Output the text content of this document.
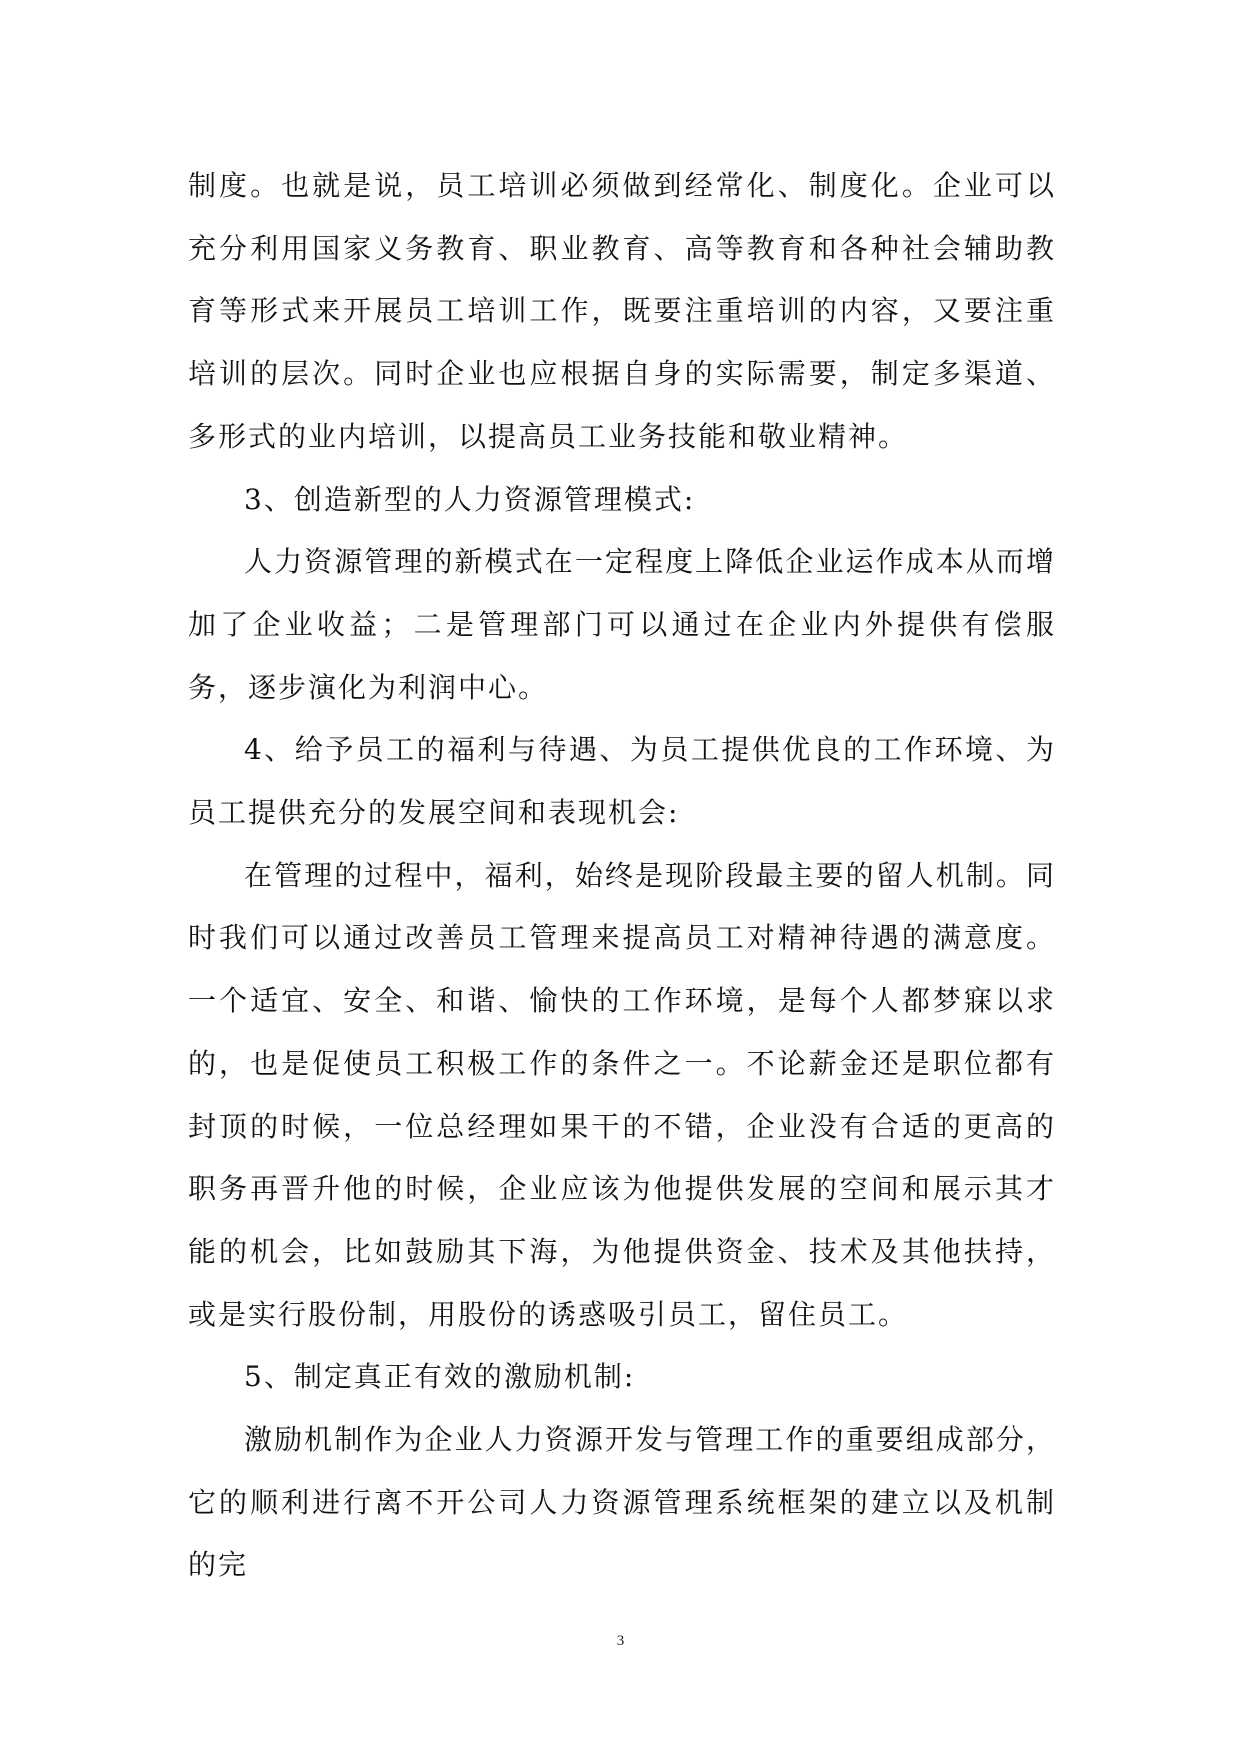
制度。也就是说，员工培训必须做到经常化、制度化。企业可以充分利用国家义务教育、职业教育、高等教育和各种社会辅助教育等形式来开展员工培训工作，既要注重培训的内容，又要注重培训的层次。同时企业也应根据自身的实际需要，制定多渠道、多形式的业内培训，以提高员工业务技能和敬业精神。

3、创造新型的人力资源管理模式:

人力资源管理的新模式在一定程度上降低企业运作成本从而增加了企业收益；二是管理部门可以通过在企业内外提供有偿服务，逐步演化为利润中心。

4、给予员工的福利与待遇、为员工提供优良的工作环境、为员工提供充分的发展空间和表现机会:

在管理的过程中，福利，始终是现阶段最主要的留人机制。同时我们可以通过改善员工管理来提高员工对精神待遇的满意度。一个适宜、安全、和谐、愉快的工作环境，是每个人都梦寐以求的，也是促使员工积极工作的条件之一。不论薪金还是职位都有封顶的时候，一位总经理如果干的不错，企业没有合适的更高的职务再晋升他的时候，企业应该为他提供发展的空间和展示其才能的机会，比如鼓励其下海，为他提供资金、技术及其他扶持，或是实行股份制，用股份的诱惑吸引员工，留住员工。

5、制定真正有效的激励机制:

激励机制作为企业人力资源开发与管理工作的重要组成部分，它的顺利进行离不开公司人力资源管理系统框架的建立以及机制的完

3
